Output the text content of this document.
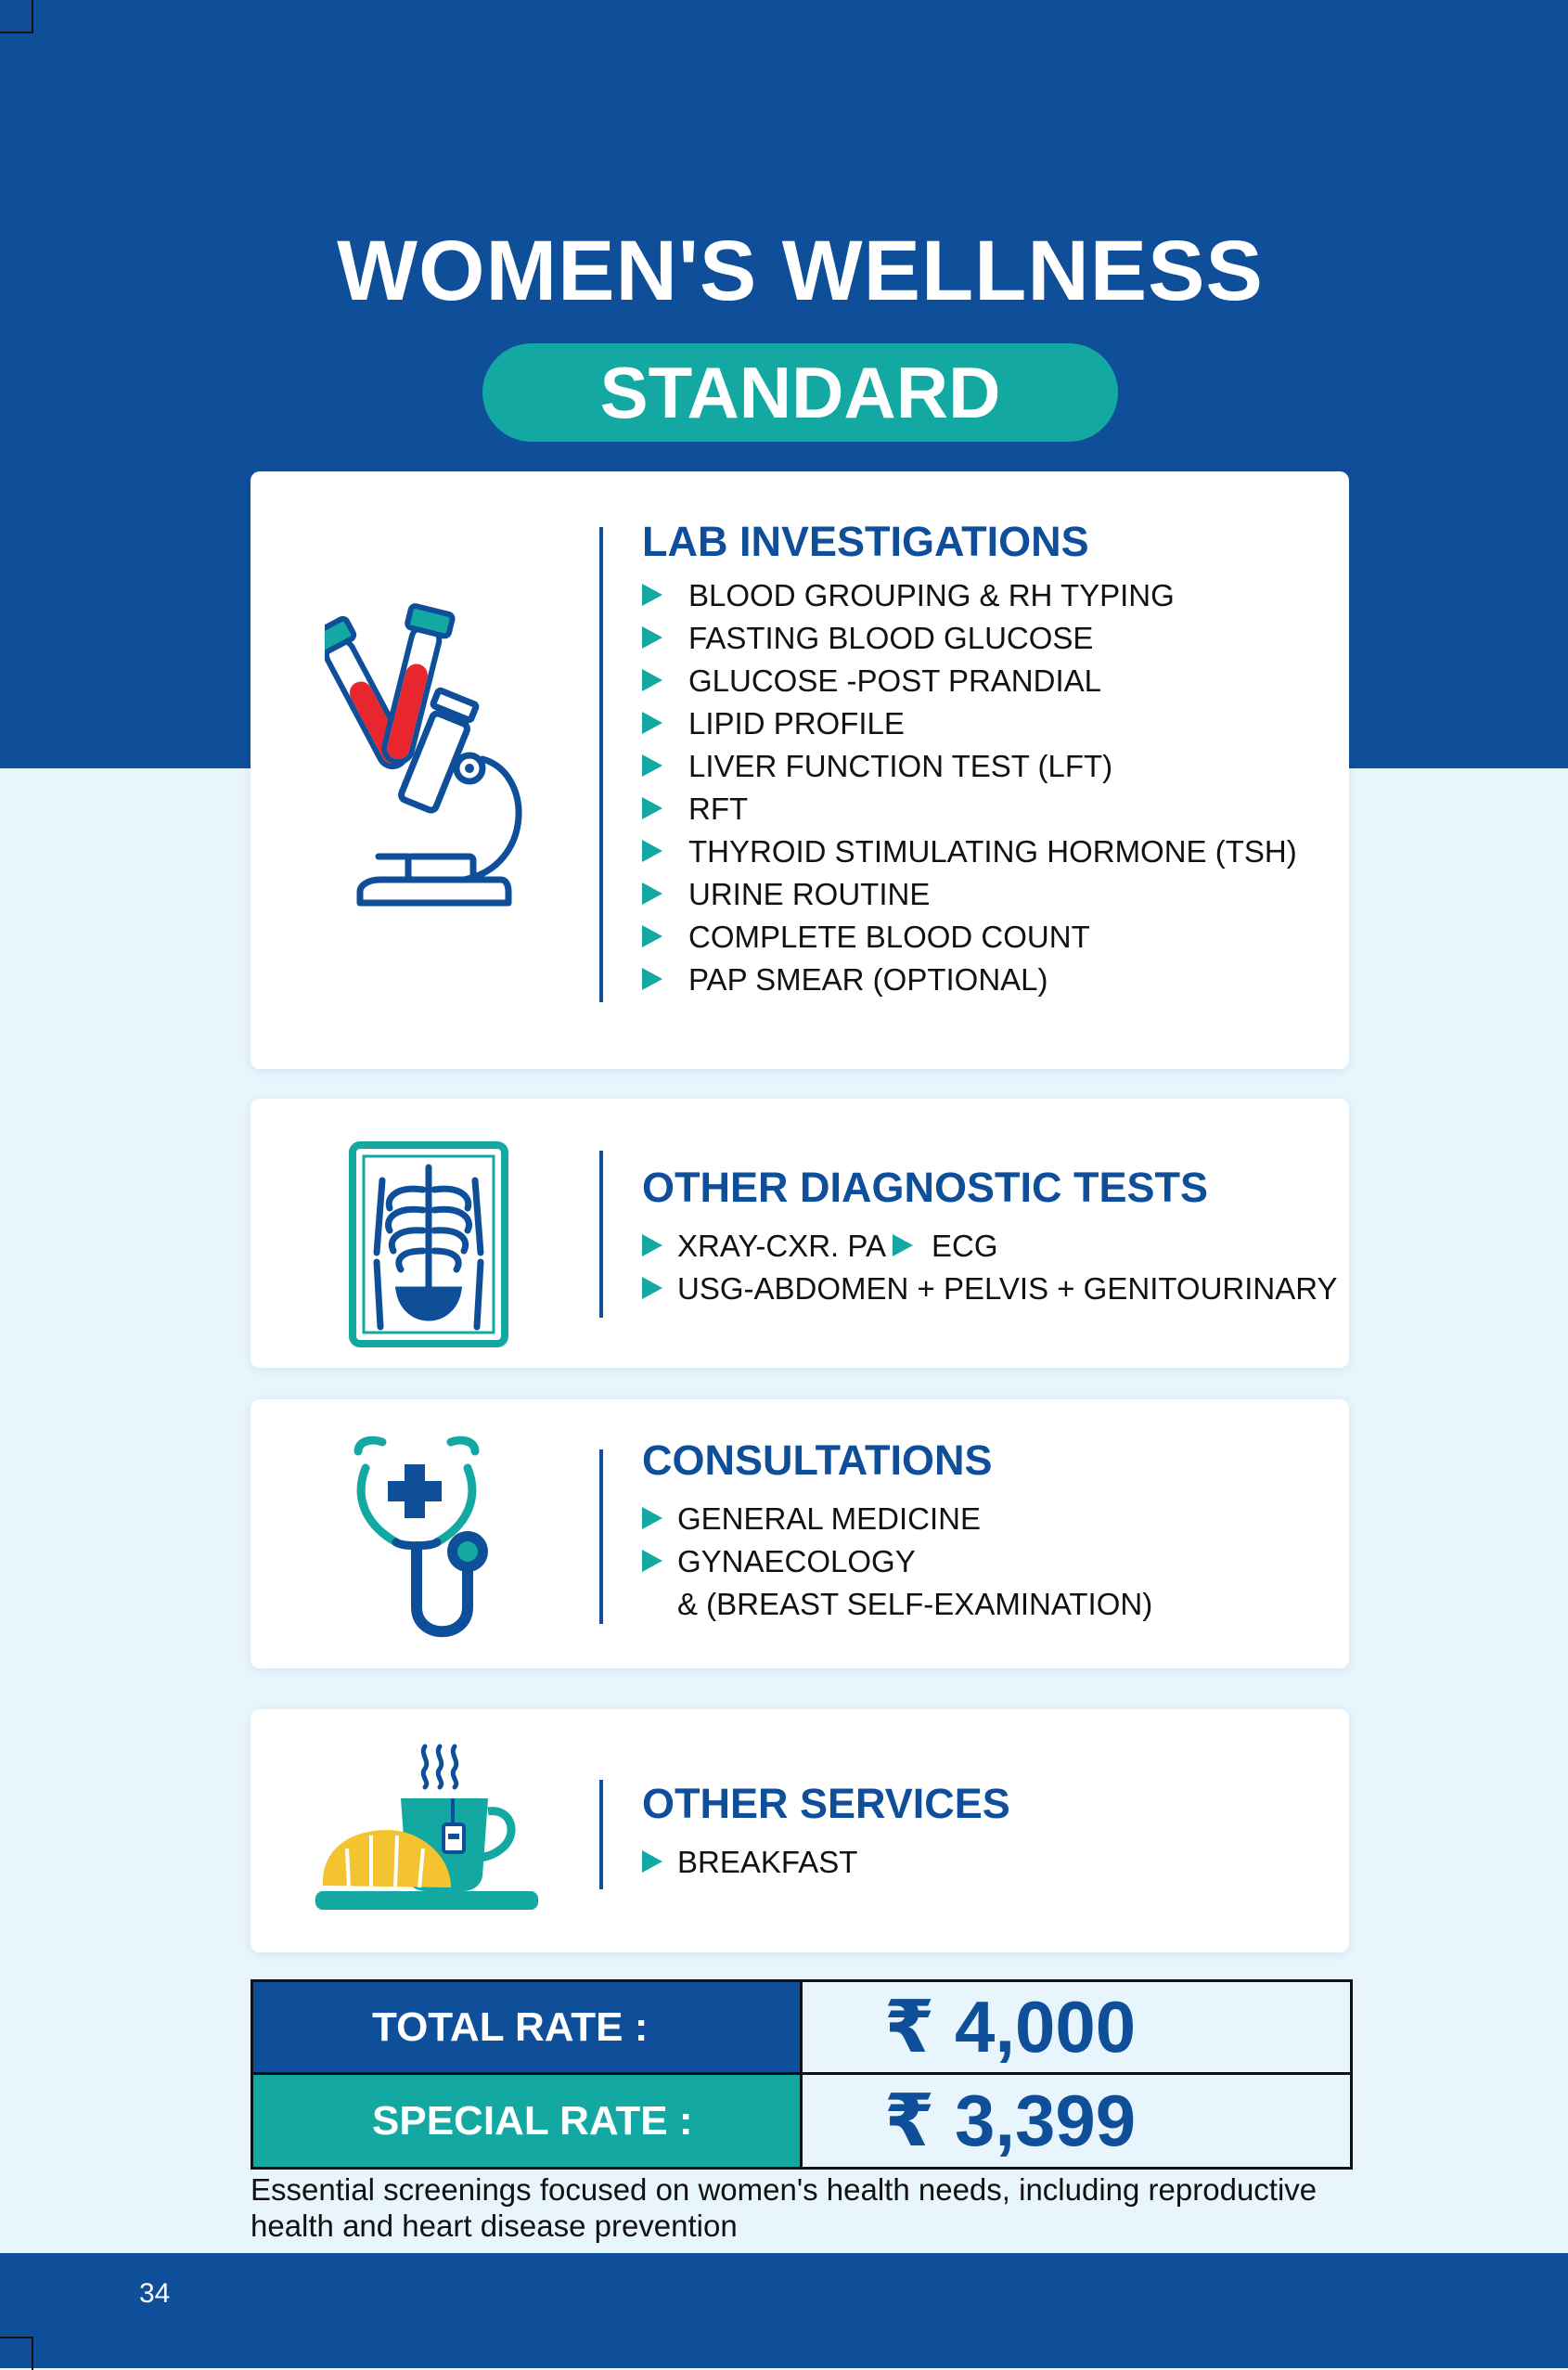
WOMEN'S WELLNESS
STANDARD
LAB INVESTIGATIONS
BLOOD GROUPING & RH TYPING
FASTING BLOOD GLUCOSE
GLUCOSE -POST PRANDIAL
LIPID PROFILE
LIVER FUNCTION TEST (LFT)
RFT
THYROID STIMULATING HORMONE (TSH)
URINE ROUTINE
COMPLETE BLOOD COUNT
PAP SMEAR (OPTIONAL)
OTHER DIAGNOSTIC TESTS
XRAY-CXR. PA ECG
USG-ABDOMEN + PELVIS + GENITOURINARY
CONSULTATIONS
GENERAL MEDICINE
GYNAECOLOGY
& (BREAST SELF-EXAMINATION)
OTHER SERVICES
BREAKFAST
TOTAL RATE :	₹ 4,000
SPECIAL RATE :	₹ 3,399
Essential screenings focused on women's health needs, including reproductive health and heart disease prevention
34
